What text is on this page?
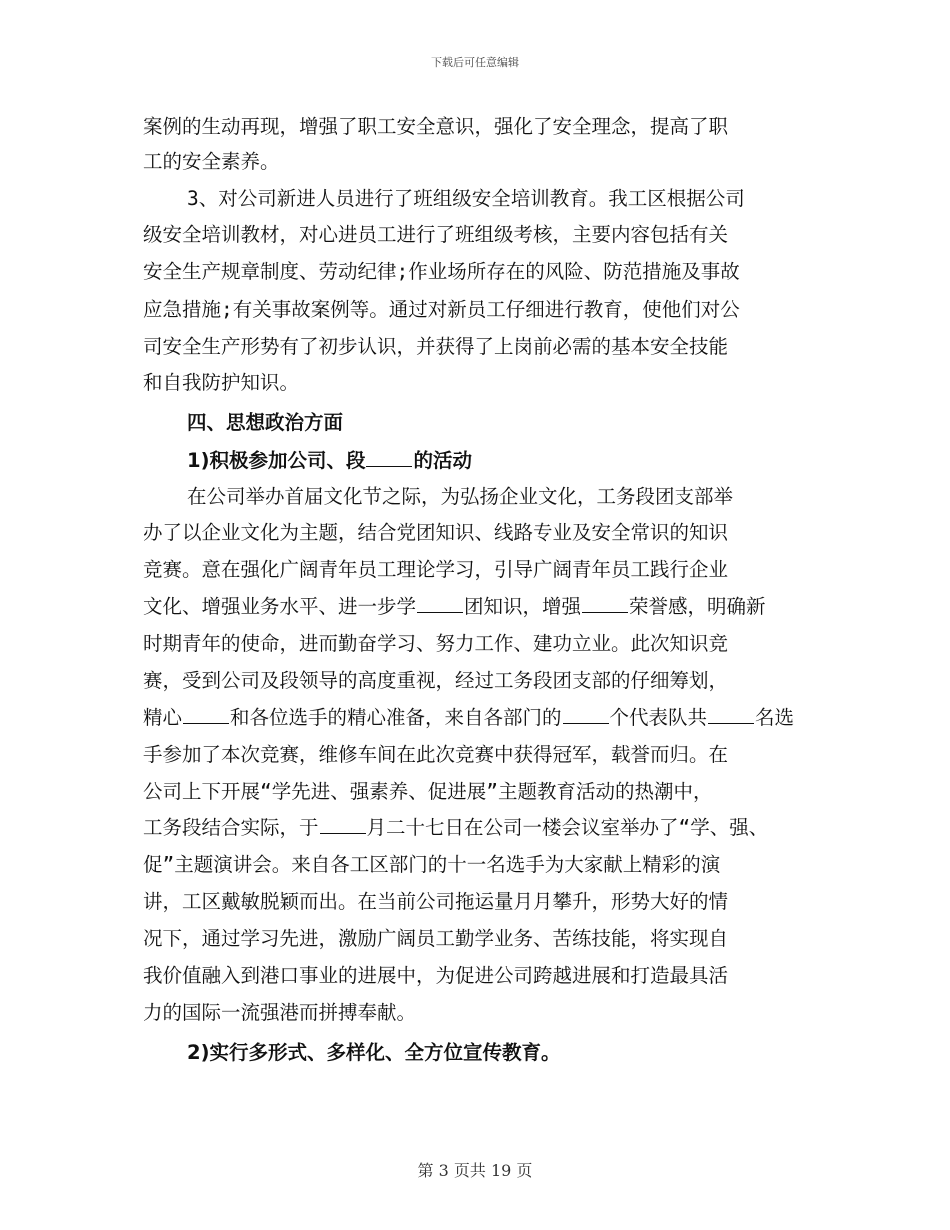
下载后可任意编辑
案例的生动再现，增强了职工安全意识，强化了安全理念，提高了职
工的安全素养。
3、对公司新进人员进行了班组级安全培训教育。我工区根据公司
级安全培训教材，对心进员工进行了班组级考核，主要内容包括有关
安全生产规章制度、劳动纪律;作业场所存在的风险、防范措施及事故
应急措施;有关事故案例等。通过对新员工仔细进行教育，使他们对公
司安全生产形势有了初步认识，并获得了上岗前必需的基本安全技能
和自我防护知识。
四、思想政治方面
1)积极参加公司、段 的活动
在公司举办首届文化节之际，为弘扬企业文化，工务段团支部举
办了以企业文化为主题，结合党团知识、线路专业及安全常识的知识
竞赛。意在强化广阔青年员工理论学习，引导广阔青年员工践行企业
文化、增强业务水平、进一步学 团知识，增强 荣誉感，明确新
时期青年的使命，进而勤奋学习、努力工作、建功立业。此次知识竞
赛，受到公司及段领导的高度重视，经过工务段团支部的仔细筹划，
精心 和各位选手的精心准备，来自各部门的 个代表队共 名选
手参加了本次竞赛，维修车间在此次竞赛中获得冠军，载誉而归。在
公司上下开展“学先进、强素养、促进展”主题教育活动的热潮中，
工务段结合实际，于 月二十七日在公司一楼会议室举办了“学、强、
促”主题演讲会。来自各工区部门的十一名选手为大家献上精彩的演
讲，工区戴敏脱颖而出。在当前公司拖运量月月攀升，形势大好的情
况下，通过学习先进，激励广阔员工勤学业务、苦练技能，将实现自
我价值融入到港口事业的进展中，为促进公司跨越进展和打造最具活
力的国际一流强港而拼搏奉献。
2)实行多形式、多样化、全方位宣传教育。
第 3 页共 19 页
